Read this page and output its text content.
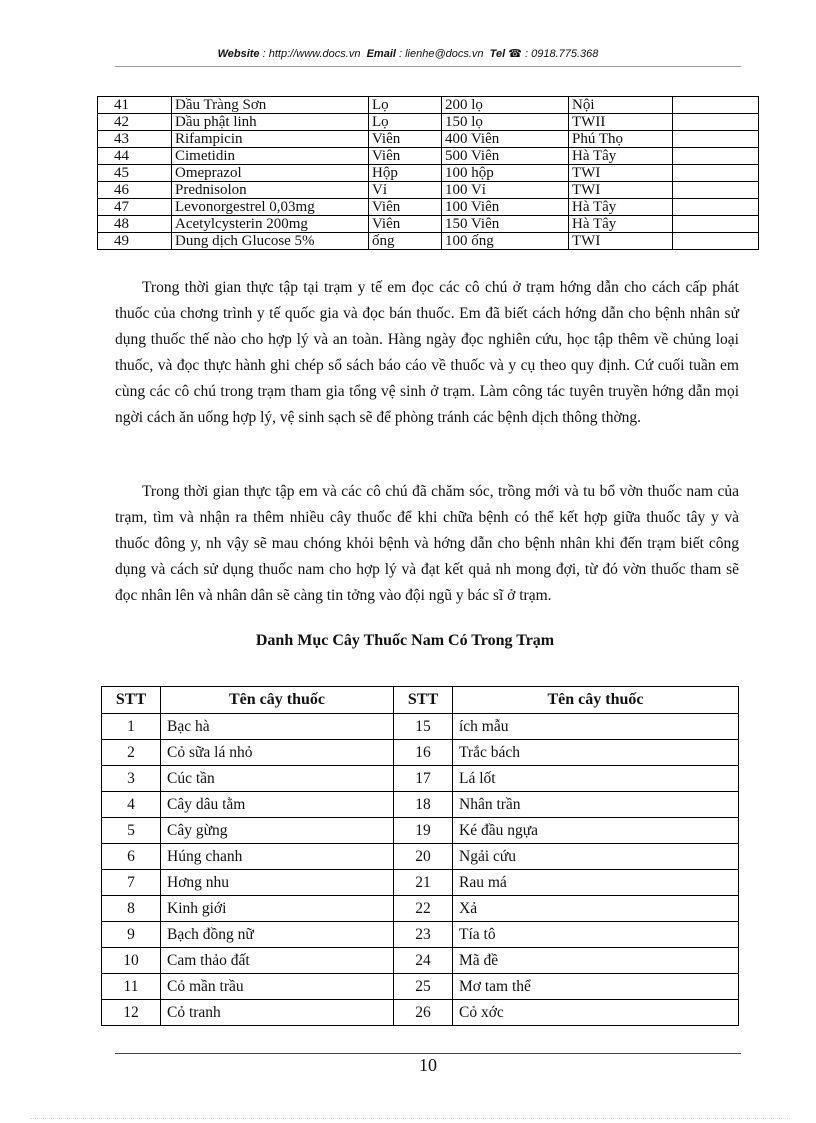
Website : http://www.docs.vn Email : lienhe@docs.vn Tel ☎ : 0918.775.368
41	Dầu Tràng Sơn	Lọ	200 lọ	Nội	
42	Dầu phật linh	Lọ	150 lọ	TWII	
43	Rifampicin	Viên	400 Viên	Phú Thọ	
44	Cimetidin	Viên	500 Viên	Hà Tây	
45	Omeprazol	Hộp	100 hộp	TWI	
46	Prednisolon	Vỉ	100 Vỉ	TWI	
47	Levonorgestrel 0,03mg	Viên	100 Viên	Hà Tây	
48	Acetylcysterin 200mg	Viên	150 Viên	Hà Tây	
49	Dung dịch Glucose 5%	ống	100 ống	TWI	

Trong thời gian thực tập tại trạm y tế em đọc các cô chú ở trạm hớng dẫn cho cách cấp phát thuốc của chơng trình y tế quốc gia và đọc bán thuốc. Em đã biết cách hớng dẫn cho bệnh nhân sử dụng thuốc thế nào cho hợp lý và an toàn. Hàng ngày đọc nghiên cứu, học tập thêm về chủng loại thuốc, và đọc thực hành ghi chép sổ sách báo cáo về thuốc và y cụ theo quy định. Cứ cuối tuần em cùng các cô chú trong trạm tham gia tổng vệ sinh ở trạm. Làm công tác tuyên truyền hớng dẫn mọi ngời cách ăn uống hợp lý, vệ sinh sạch sẽ để phòng tránh các bệnh dịch thông thờng.

Trong thời gian thực tập em và các cô chú đã chăm sóc, trồng mới và tu bổ vờn thuốc nam của trạm, tìm và nhận ra thêm nhiều cây thuốc để khi chữa bệnh có thể kết hợp giữa thuốc tây y và thuốc đông y, nh vậy sẽ mau chóng khỏi bệnh và hớng dẫn cho bệnh nhân khi đến trạm biết công dụng và cách sử dụng thuốc nam cho hợp lý và đạt kết quả nh mong đợi, từ đó vờn thuốc tham sẽ đọc nhân lên và nhân dân sẽ càng tin tởng vào đội ngũ y bác sĩ ở trạm.

Danh Mục Cây Thuốc Nam Có Trong Trạm
STT	Tên cây thuốc	STT	Tên cây thuốc
1	Bạc hà	15	ích mẫu
2	Cỏ sữa lá nhỏ	16	Trắc bách
3	Cúc tần	17	Lá lốt
4	Cây dâu tằm	18	Nhân trần
5	Cây gừng	19	Ké đầu ngựa
6	Húng chanh	20	Ngải cứu
7	Hơng nhu	21	Rau má
8	Kinh giới	22	Xả
9	Bạch đồng nữ	23	Tía tô
10	Cam thảo đất	24	Mã đề
11	Cỏ mần trầu	25	Mơ tam thể
12	Cỏ tranh	26	Cỏ xớc
10
